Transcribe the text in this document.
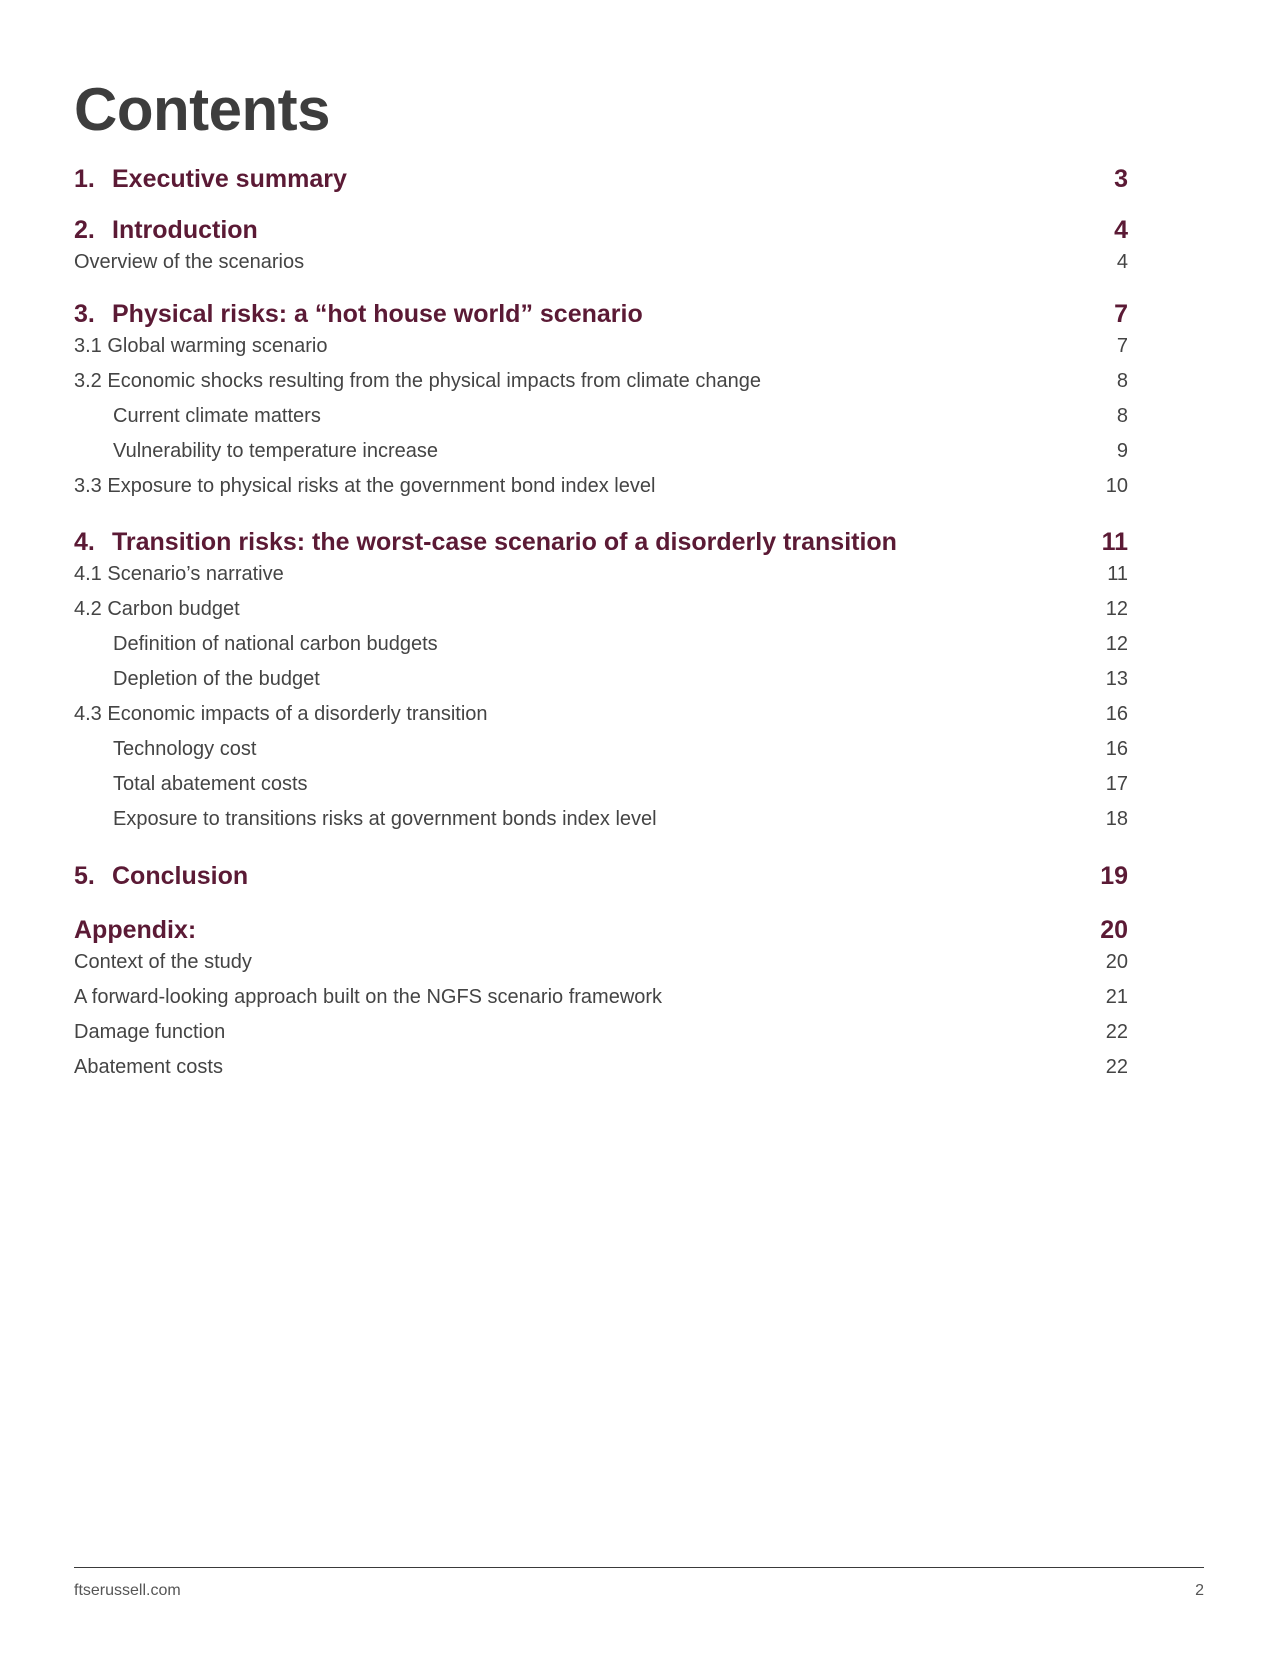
Contents
1. Executive summary	3
2. Introduction	4
Overview of the scenarios	4
3. Physical risks: a “hot house world” scenario	7
3.1 Global warming scenario	7
3.2 Economic shocks resulting from the physical impacts from climate change	8
Current climate matters	8
Vulnerability to temperature increase	9
3.3 Exposure to physical risks at the government bond index level	10
4. Transition risks: the worst-case scenario of a disorderly transition	11
4.1 Scenario’s narrative	11
4.2 Carbon budget	12
Definition of national carbon budgets	12
Depletion of the budget	13
4.3 Economic impacts of a disorderly transition	16
Technology cost	16
Total abatement costs	17
Exposure to transitions risks at government bonds index level	18
5. Conclusion	19
Appendix:	20
Context of the study	20
A forward-looking approach built on the NGFS scenario framework	21
Damage function	22
Abatement costs	22
ftserussell.com	2
